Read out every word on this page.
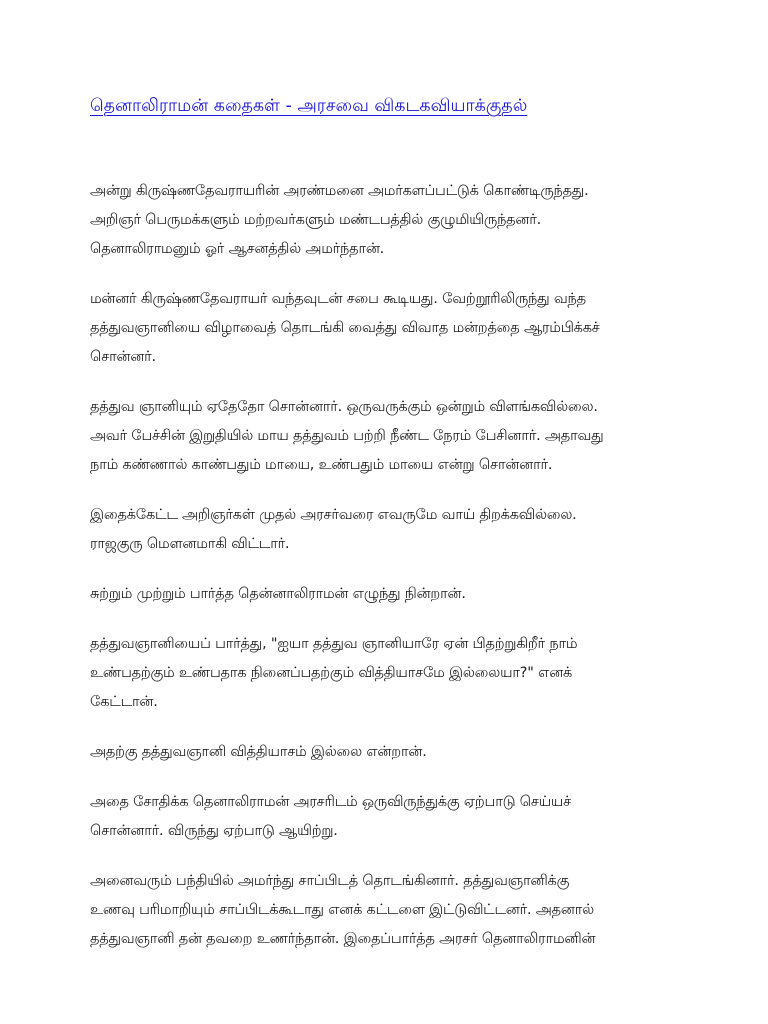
தெனாலிராமன் கதைகள் - அரசவை விகடகவியாக்குதல்

அன்று கிருஷ்ணதேவராயரின் அரண்மனை அமர்களப்பட்டுக் கொண்டிருந்தது.
அறிஞர் பெருமக்களும் மற்றவர்களும் மண்டபத்தில் குழுமியிருந்தனர்.
தெனாலிராமனும் ஓர் ஆசனத்தில் அமர்ந்தான்.

மன்னர் கிருஷ்ணதேவராயர் வந்தவுடன் சபை கூடியது. வேற்றூரிலிருந்து வந்த
தத்துவஞானியை விழாவைத் தொடங்கி வைத்து விவாத மன்றத்தை ஆரம்பிக்கச்
சொன்னர்.

தத்துவ ஞானியும் ஏதேதோ சொன்னார். ஒருவருக்கும் ஒன்றும் விளங்கவில்லை.
அவர் பேச்சின் இறுதியில் மாய தத்துவம் பற்றி நீண்ட நேரம் பேசினார். அதாவது
நாம் கண்ணால் காண்பதும் மாயை, உண்பதும் மாயை என்று சொன்னார்.

இதைக்கேட்ட அறிஞர்கள் முதல் அரசர்வரை எவருமே வாய் திறக்கவில்லை.
ராஜகுரு மௌனமாகி விட்டார்.

சுற்றும் முற்றும் பார்த்த தென்னாலிராமன் எழுந்து நின்றான்.

தத்துவஞானியைப் பார்த்து, "ஐயா தத்துவ ஞானியாரே ஏன் பிதற்றுகிறீர் நாம்
உண்பதற்கும் உண்பதாக நினைப்பதற்கும் வித்தியாசமே இல்லையா?" எனக்
கேட்டான்.

அதற்கு தத்துவஞானி வித்தியாசம் இல்லை என்றான்.

அதை சோதிக்க தெனாலிராமன் அரசரிடம் ஒருவிருந்துக்கு ஏற்பாடு செய்யச்
சொன்னார். விருந்து ஏற்பாடு ஆயிற்று.

அனைவரும் பந்தியில் அமர்ந்து சாப்பிடத் தொடங்கினார். தத்துவஞானிக்கு
உணவு பரிமாறியும் சாப்பிடக்கூடாது எனக் கட்டளை இட்டுவிட்டனர். அதனால்
தத்துவஞானி தன் தவறை உணர்ந்தான். இதைப்பார்த்த அரசர் தெனாலிராமனின்
